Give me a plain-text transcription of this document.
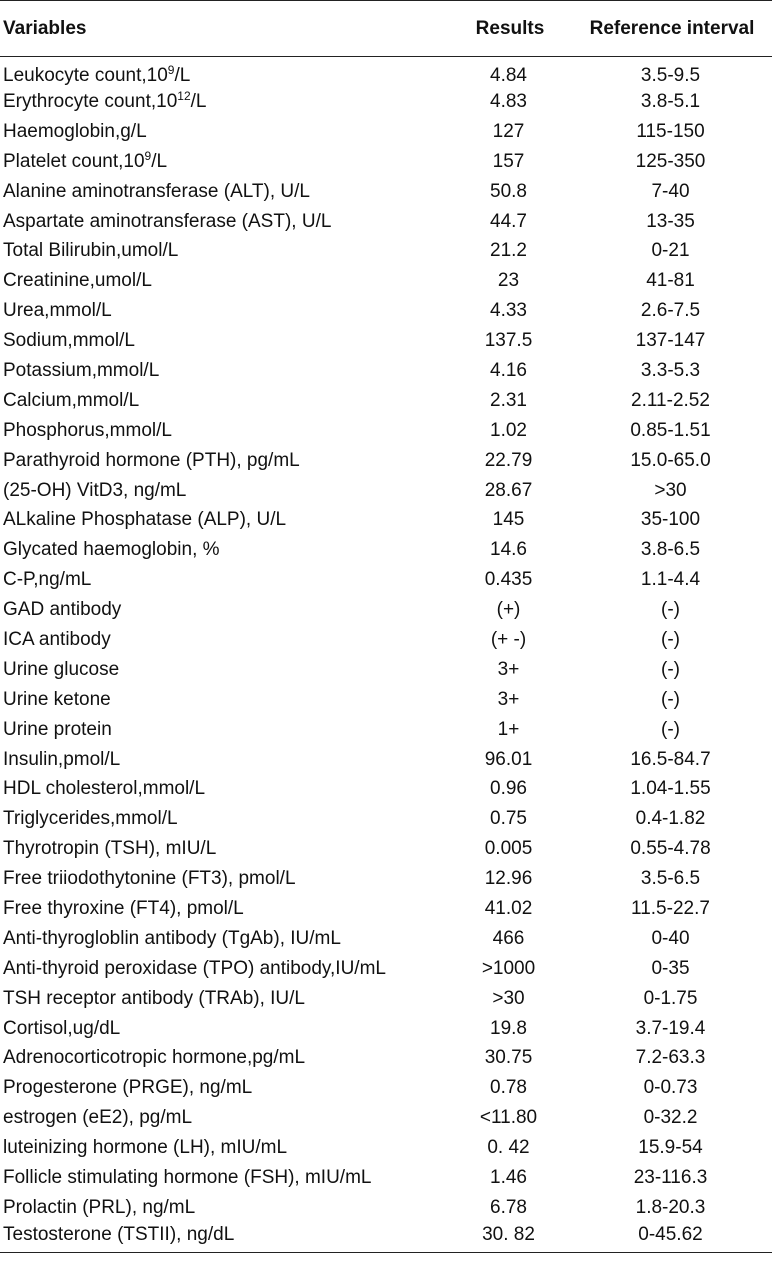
Variables	Results	Reference interval
Leukocyte $count,10^9/L$	4.84	3.5-9.5
Erythrocyte $count,10^{12}/L$	4.83	3.8-5.1
Haemoglobin,g/L	127	115-150
Platelet $count,10^9/L$	157	125-350
Alanine aminotransferase (ALT), U/L	50.8	7-40
Aspartate aminotransferase (AST), U/L	44.7	13-35
Total Bilirubin,umol/L	21.2	0-21
Creatinine,umol/L	23	41-81
Urea,mmol/L	4.33	2.6-7.5
Sodium,mmol/L	137.5	137-147
Potassium,mmol/L	4.16	3.3-5.3
Calcium,mmol/L	2.31	2.11-2.52
Phosphorus,mmol/L	1.02	0.85-1.51
Parathyroid hormone (PTH), pg/mL	22.79	15.0-65.0
(25-OH) VitD3, ng/mL	28.67	>30
ALkaline Phosphatase (ALP), U/L	145	35-100
Glycated haemoglobin, %	14.6	3.8-6.5
C-P,ng/mL	0.435	1.1-4.4
GAD antibody	(+)	(-)
ICA antibody	(+ -)	(-)
Urine glucose	3+	(-)
Urine ketone	3+	(-)
Urine protein	1+	(-)
Insulin,pmol/L	96.01	16.5-84.7
HDL cholesterol,mmol/L	0.96	1.04-1.55
Triglycerides,mmol/L	0.75	0.4-1.82
Thyrotropin (TSH), mIU/L	0.005	0.55-4.78
Free triiodothytonine (FT3), pmol/L	12.96	3.5-6.5
Free thyroxine (FT4), pmol/L	41.02	11.5-22.7
Anti-thyrogloblin antibody (TgAb), IU/mL	466	0-40
Anti-thyroid peroxidase (TPO) antibody,IU/mL	>1000	0-35
TSH receptor antibody (TRAb), IU/L	>30	0-1.75
Cortisol,ug/dL	19.8	3.7-19.4
Adrenocorticotropic hormone,pg/mL	30.75	7.2-63.3
Progesterone (PRGE), ng/mL	0.78	0-0.73
estrogen (eE2), pg/mL	<11.80	0-32.2
luteinizing hormone (LH), mIU/mL	0. 42	15.9-54
Follicle stimulating hormone (FSH), mIU/mL	1.46	23-116.3
Prolactin (PRL), ng/mL	6.78	1.8-20.3
Testosterone (TSTII), ng/dL	30. 82	0-45.62
